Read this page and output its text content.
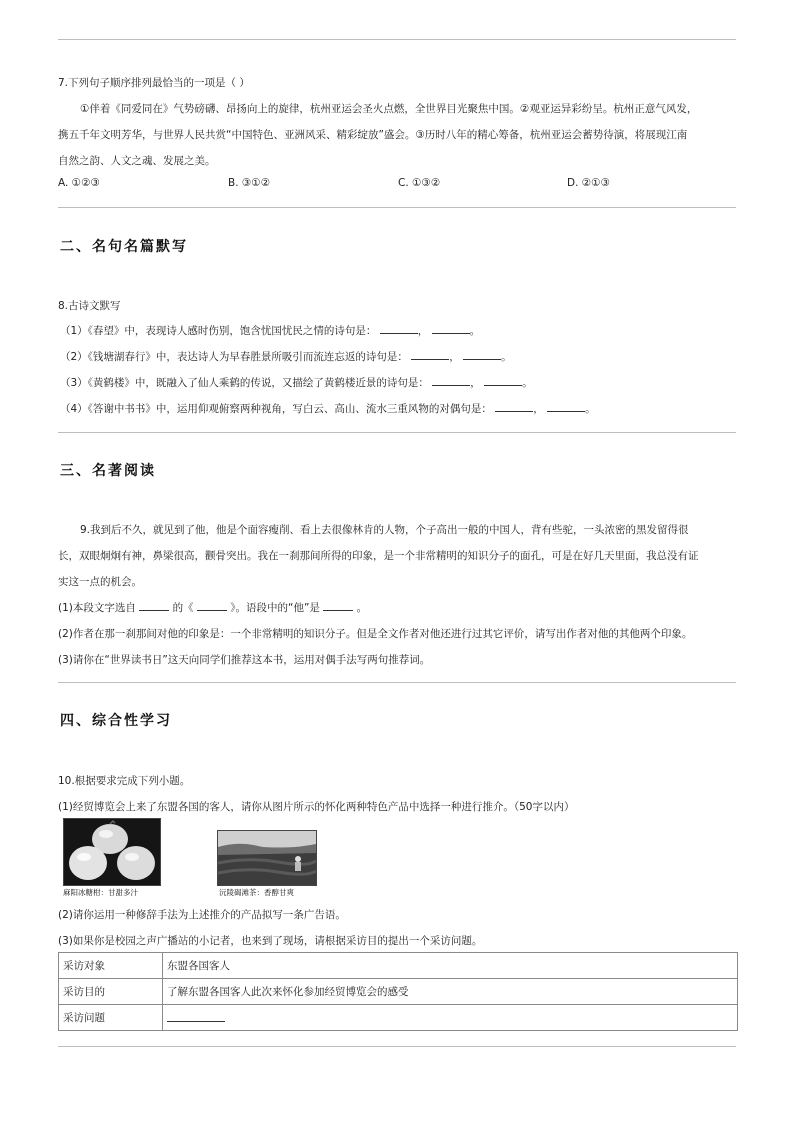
7.下列句子顺序排列最恰当的一项是（ ）
①伴着《同爱同在》气势磅礴、昂扬向上的旋律，杭州亚运会圣火点燃，全世界目光聚焦中国。②观亚运异彩纷呈。杭州正意气风发，
携五千年文明芳华，与世界人民共赏“中国特色、亚洲风采、精彩绽放”盛会。③历时八年的精心筹备，杭州亚运会蓄势待演，将展现江南
自然之韵、人文之魂、发展之美。
A. ①②③	B. ③①②	C. ①③②	D. ②①③
二、名句名篇默写
8.古诗文默写
（1）《春望》中，表现诗人感时伤别，饱含忧国忧民之情的诗句是：	，	。
（2）《钱塘湖春行》中，表达诗人为早春胜景所吸引而流连忘返的诗句是：	，	。
（3）《黄鹤楼》中，既融入了仙人乘鹤的传说，又描绘了黄鹤楼近景的诗句是：	，	。
（4）《答谢中书书》中，运用仰观俯察两种视角，写白云、高山、流水三重风物的对偶句是：	，	。
三、名著阅读
9.我到后不久，就见到了他，他是个面容瘦削、看上去很像林肯的人物，个子高出一般的中国人，背有些驼，一头浓密的黑发留得很
长，双眼炯炯有神，鼻梁很高，颧骨突出。我在一刹那间所得的印象，是一个非常精明的知识分子的面孔，可是在好几天里面，我总没有证
实这一点的机会。
(1)本段文字选自	的《	》。语段中的“他”是	。
(2)作者在那一刹那间对他的印象是：一个非常精明的知识分子。但是全文作者对他还进行过其它评价，请写出作者对他的其他两个印象。
(3)请你在“世界读书日”这天向同学们推荐这本书，运用对偶手法写两句推荐词。
四、综合性学习
10.根据要求完成下列小题。
(1)经贸博览会上来了东盟各国的客人，请你从图片所示的怀化两种特色产品中选择一种进行推介。（50字以内）
麻阳冰糖柑：甘甜多汁	沅陵碣滩茶：香醇甘爽
(2)请你运用一种修辞手法为上述推介的产品拟写一条广告语。
(3)如果你是校园之声广播站的小记者，也来到了现场，请根据采访目的提出一个采访问题。
采访对象	东盟各国客人
采访目的	了解东盟各国客人此次来怀化参加经贸博览会的感受
采访问题	
